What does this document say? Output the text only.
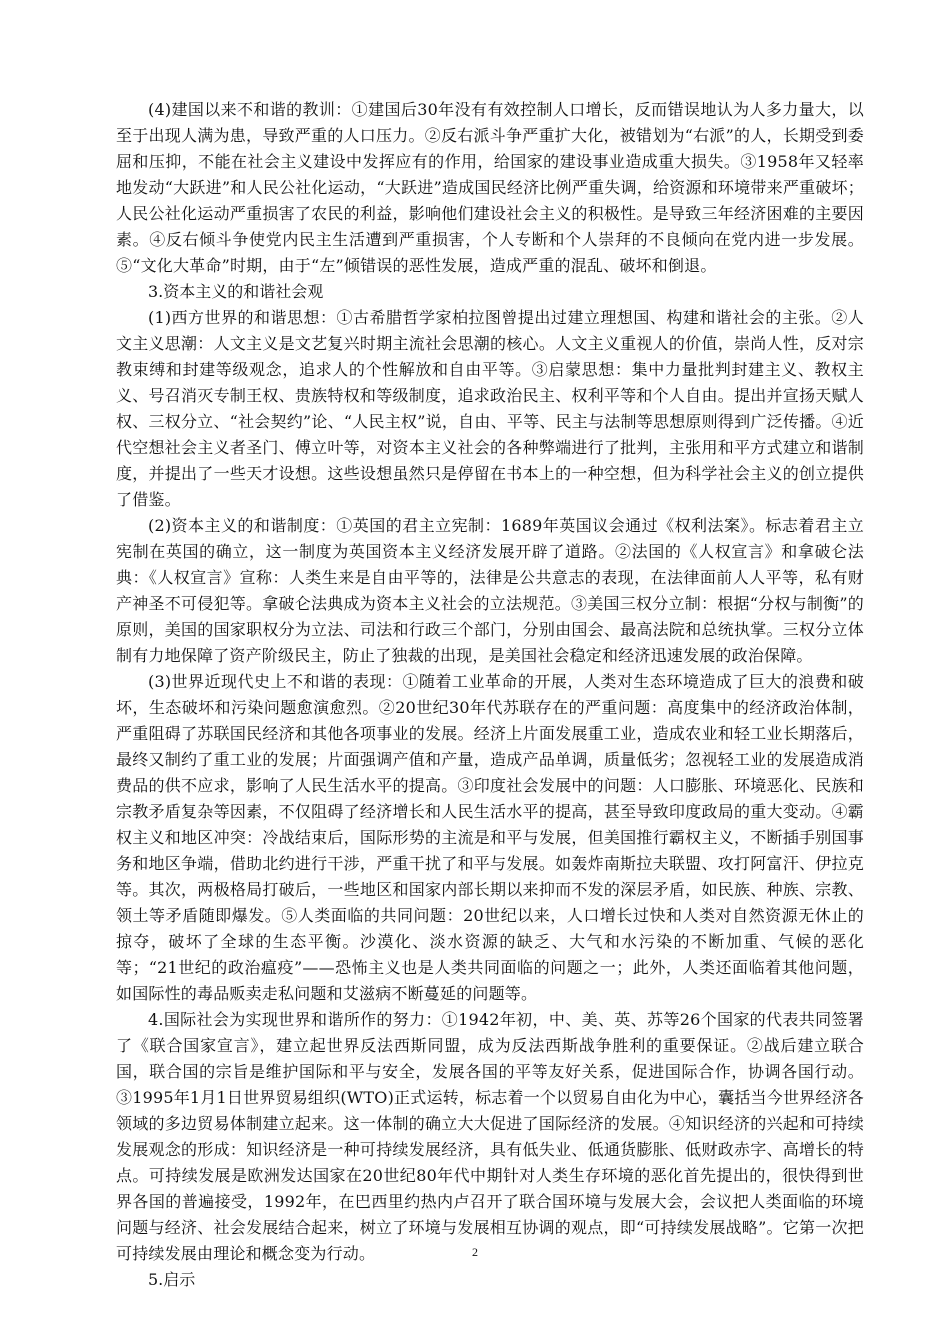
(4)建国以来不和谐的教训：①建国后30年没有有效控制人口增长，反而错误地认为人多力量大，以至于出现人满为患，导致严重的人口压力。②反右派斗争严重扩大化，被错划为“右派”的人，长期受到委屈和压抑，不能在社会主义建设中发挥应有的作用，给国家的建设事业造成重大损失。③1958年又轻率地发动“大跃进”和人民公社化运动，“大跃进”造成国民经济比例严重失调，给资源和环境带来严重破坏；人民公社化运动严重损害了农民的利益，影响他们建设社会主义的积极性。是导致三年经济困难的主要因素。④反右倾斗争使党内民主生活遭到严重损害，个人专断和个人崇拜的不良倾向在党内进一步发展。⑤“文化大革命”时期，由于“左”倾错误的恶性发展，造成严重的混乱、破坏和倒退。

3.资本主义的和谐社会观

(1)西方世界的和谐思想：①古希腊哲学家柏拉图曾提出过建立理想国、构建和谐社会的主张。②人文主义思潮：人文主义是文艺复兴时期主流社会思潮的核心。人文主义重视人的价值，崇尚人性，反对宗教束缚和封建等级观念，追求人的个性解放和自由平等。③启蒙思想：集中力量批判封建主义、教权主义、号召消灭专制王权、贵族特权和等级制度，追求政治民主、权利平等和个人自由。提出并宣扬天赋人权、三权分立、“社会契约”论、“人民主权”说，自由、平等、民主与法制等思想原则得到广泛传播。④近代空想社会主义者圣门、傅立叶等，对资本主义社会的各种弊端进行了批判，主张用和平方式建立和谐制度，并提出了一些天才设想。这些设想虽然只是停留在书本上的一种空想，但为科学社会主义的创立提供了借鉴。

(2)资本主义的和谐制度：①英国的君主立宪制：1689年英国议会通过《权利法案》。标志着君主立宪制在英国的确立，这一制度为英国资本主义经济发展开辟了道路。②法国的《人权宣言》和拿破仑法典：《人权宣言》宣称：人类生来是自由平等的，法律是公共意志的表现，在法律面前人人平等，私有财产神圣不可侵犯等。拿破仑法典成为资本主义社会的立法规范。③美国三权分立制：根据“分权与制衡”的原则，美国的国家职权分为立法、司法和行政三个部门，分别由国会、最高法院和总统执掌。三权分立体制有力地保障了资产阶级民主，防止了独裁的出现，是美国社会稳定和经济迅速发展的政治保障。

(3)世界近现代史上不和谐的表现：①随着工业革命的开展，人类对生态环境造成了巨大的浪费和破坏，生态破坏和污染问题愈演愈烈。②20世纪30年代苏联存在的严重问题：高度集中的经济政治体制，严重阻碍了苏联国民经济和其他各项事业的发展。经济上片面发展重工业，造成农业和轻工业长期落后，最终又制约了重工业的发展；片面强调产值和产量，造成产品单调，质量低劣；忽视轻工业的发展造成消费品的供不应求，影响了人民生活水平的提高。③印度社会发展中的问题：人口膨胀、环境恶化、民族和宗教矛盾复杂等因素，不仅阻碍了经济增长和人民生活水平的提高，甚至导致印度政局的重大变动。④霸权主义和地区冲突：冷战结束后，国际形势的主流是和平与发展，但美国推行霸权主义，不断插手别国事务和地区争端，借助北约进行干涉，严重干扰了和平与发展。如轰炸南斯拉夫联盟、攻打阿富汗、伊拉克等。其次，两极格局打破后，一些地区和国家内部长期以来抑而不发的深层矛盾，如民族、种族、宗教、领土等矛盾随即爆发。⑤人类面临的共同问题：20世纪以来，人口增长过快和人类对自然资源无休止的掠夺，破坏了全球的生态平衡。沙漠化、淡水资源的缺乏、大气和水污染的不断加重、气候的恶化等；“21世纪的政治瘟疫”——恐怖主义也是人类共同面临的问题之一；此外，人类还面临着其他问题，如国际性的毒品贩卖走私问题和艾滋病不断蔓延的问题等。

4.国际社会为实现世界和谐所作的努力：①1942年初，中、美、英、苏等26个国家的代表共同签署了《联合国家宣言》，建立起世界反法西斯同盟，成为反法西斯战争胜利的重要保证。②战后建立联合国，联合国的宗旨是维护国际和平与安全，发展各国的平等友好关系，促进国际合作，协调各国行动。③1995年1月1日世界贸易组织(WTO)正式运转，标志着一个以贸易自由化为中心，囊括当今世界经济各领域的多边贸易体制建立起来。这一体制的确立大大促进了国际经济的发展。④知识经济的兴起和可持续发展观念的形成：知识经济是一种可持续发展经济，具有低失业、低通货膨胀、低财政赤字、高增长的特点。可持续发展是欧洲发达国家在20世纪80年代中期针对人类生存环境的恶化首先提出的，很快得到世界各国的普遍接受，1992年，在巴西里约热内卢召开了联合国环境与发展大会，会议把人类面临的环境问题与经济、社会发展结合起来，树立了环境与发展相互协调的观点，即“可持续发展战略”。它第一次把可持续发展由理论和概念变为行动。

5.启示

2
